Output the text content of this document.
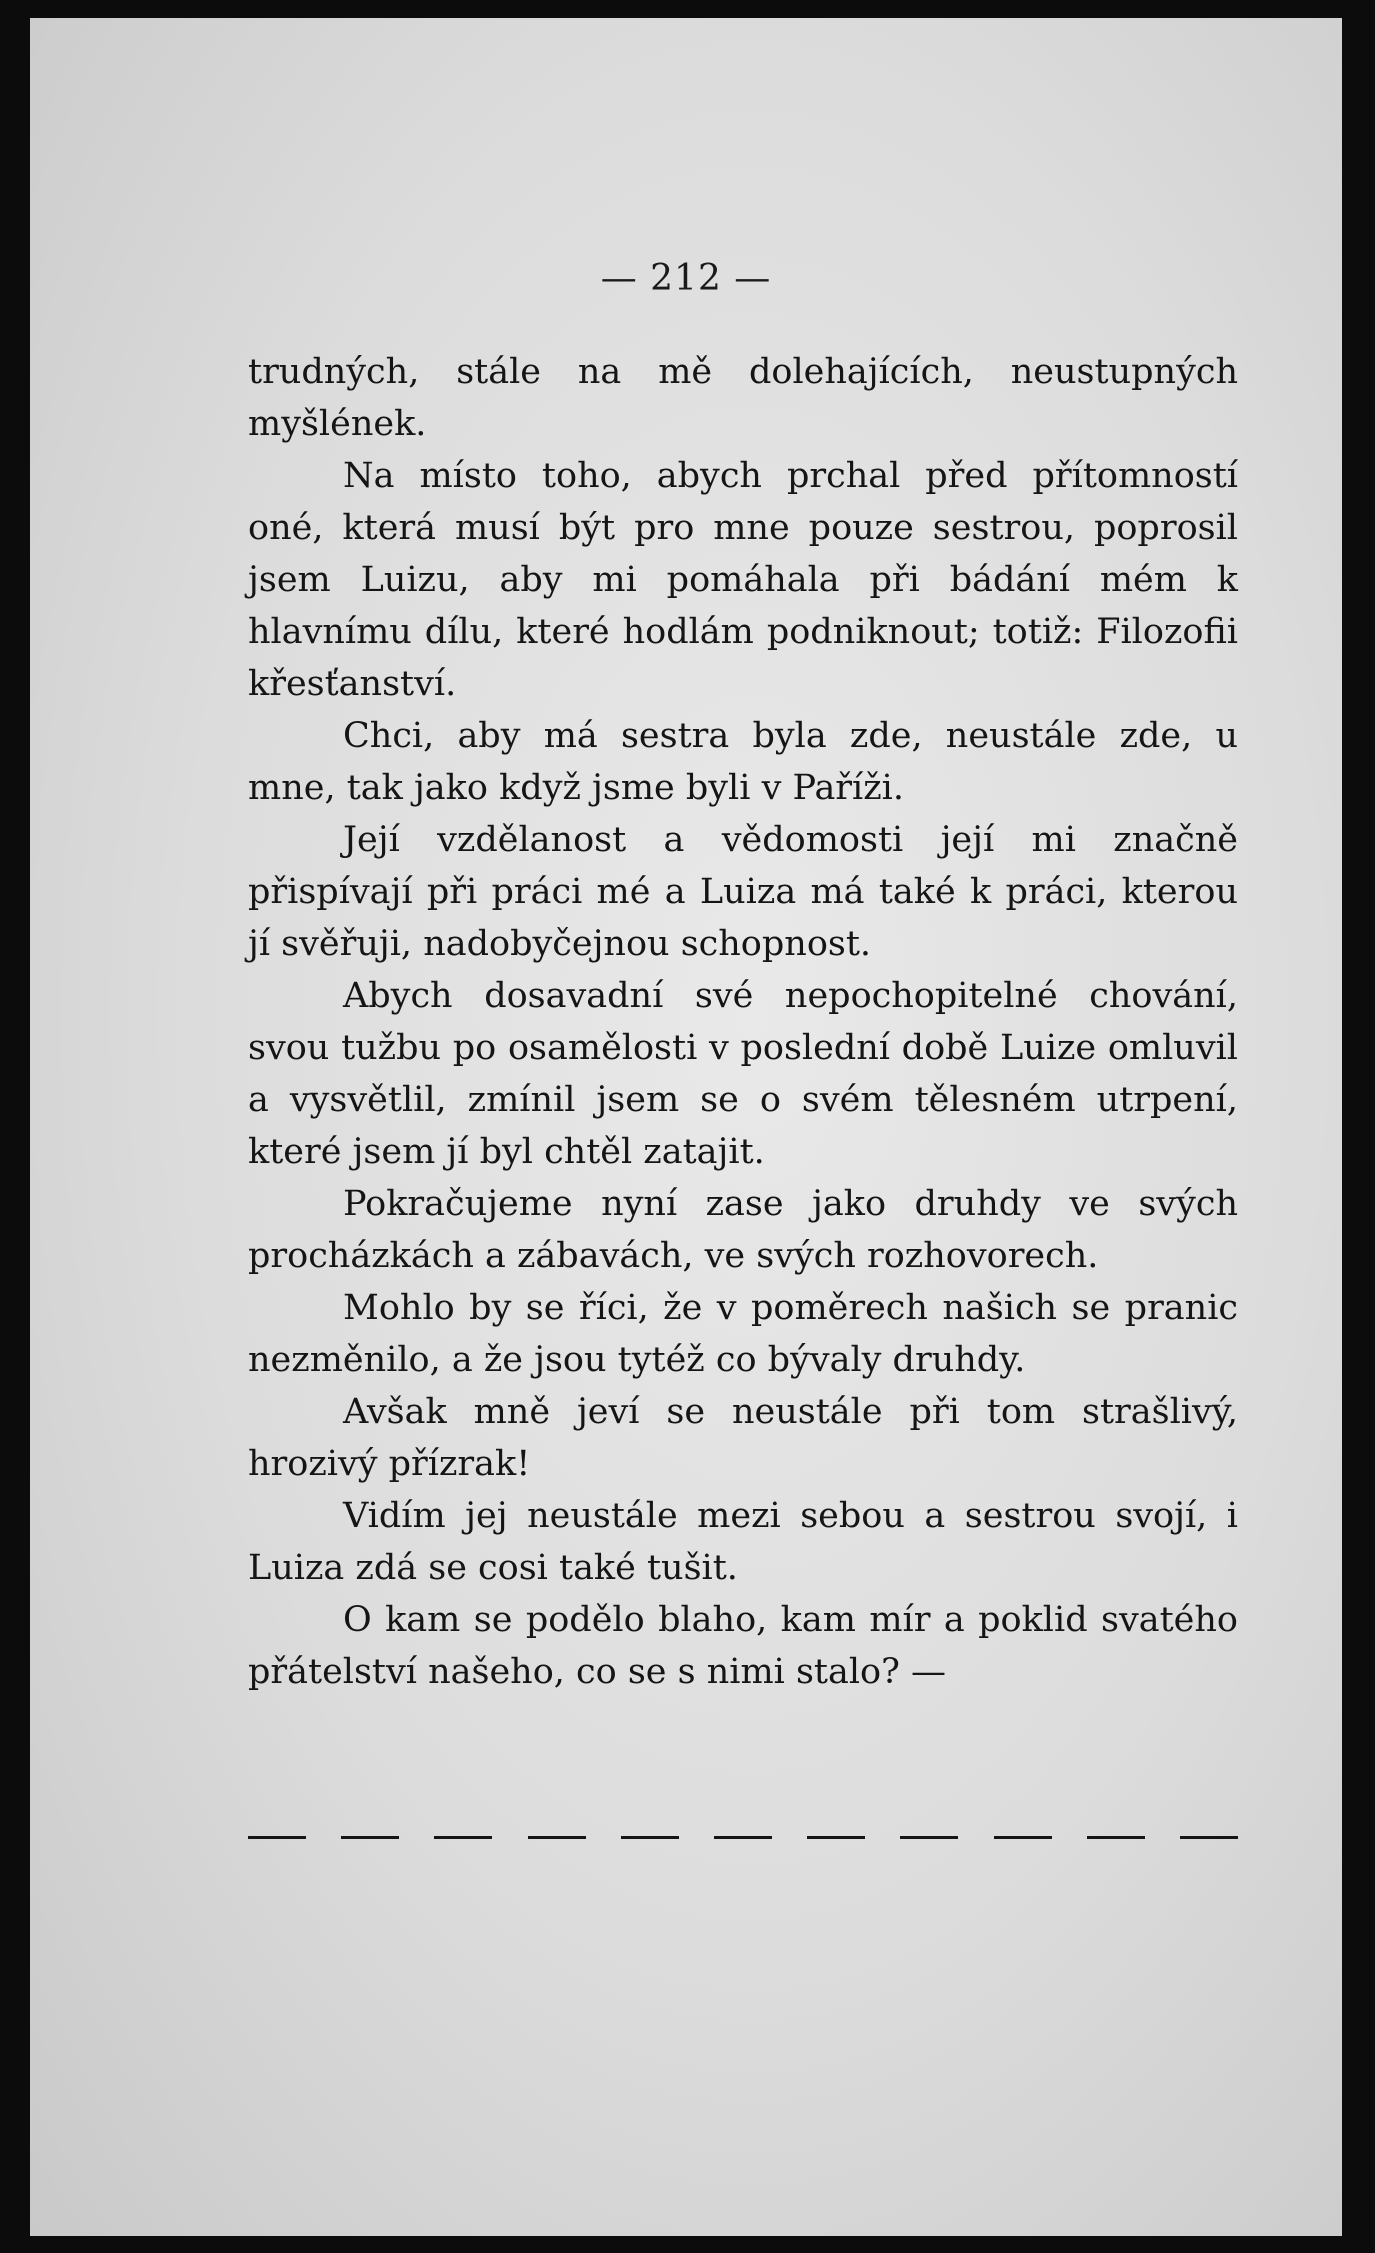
— 212 —

trudných, stále na mě dolehajících, neustupných myšlének.

Na místo toho, abych prchal před přítomností oné, která musí být pro mne pouze sestrou, poprosil jsem Luizu, aby mi pomáhala při bádání mém k hlavnímu dílu, které hodlám podniknout; totiž: Filozofii křesťanství.

Chci, aby má sestra byla zde, neustále zde, u mne, tak jako když jsme byli v Paříži.

Její vzdělanost a vědomosti její mi značně přispívají při práci mé a Luiza má také k práci, kterou jí svěřuji, nadobyčejnou schopnost.

Abych dosavadní své nepochopitelné chování, svou tužbu po osamělosti v poslední době Luize omluvil a vysvětlil, zmínil jsem se o svém tělesném utrpení, které jsem jí byl chtěl zatajit.

Pokračujeme nyní zase jako druhdy ve svých procházkách a zábavách, ve svých rozhovorech.

Mohlo by se říci, že v poměrech našich se pranic nezměnilo, a že jsou tytéž co bývaly druhdy.

Avšak mně jeví se neustále při tom strašlivý, hrozivý přízrak!

Vidím jej neustále mezi sebou a sestrou svojí, i Luiza zdá se cosi také tušit.

O kam se podělo blaho, kam mír a poklid svatého přátelství našeho, co se s nimi stalo? —
